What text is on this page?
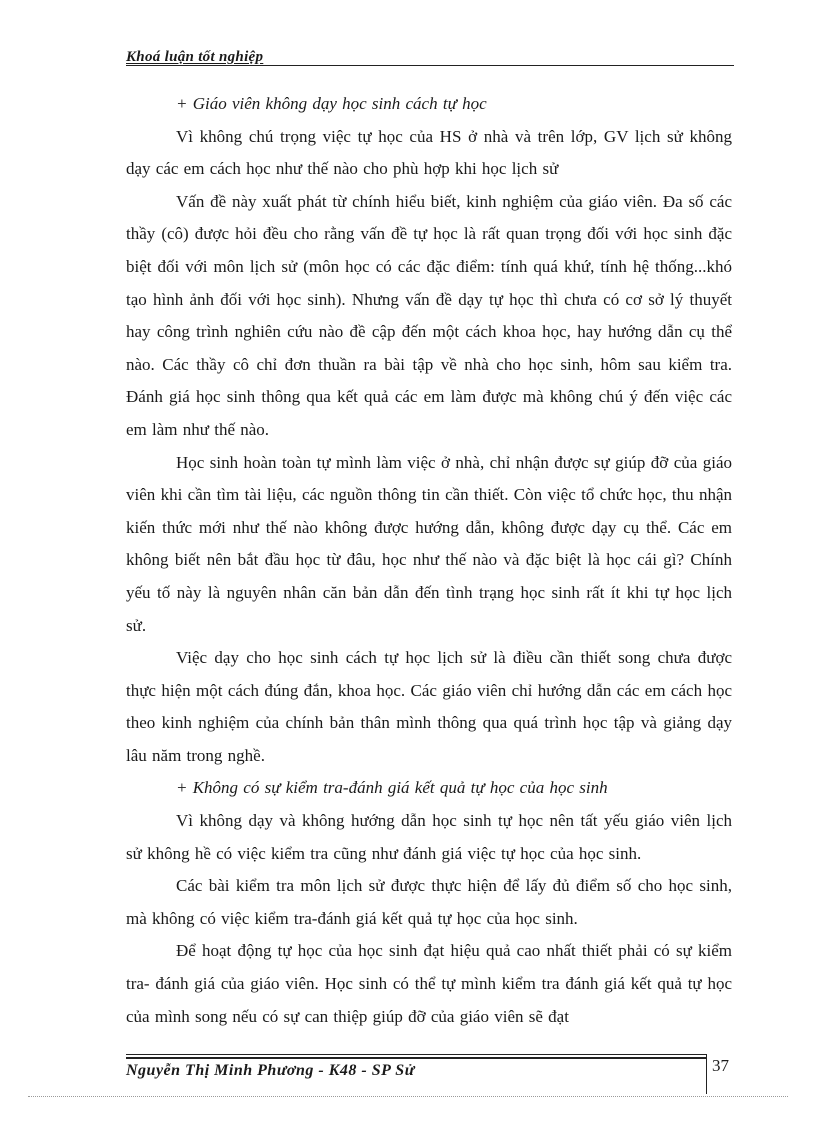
Khoá luận tốt nghiệp

+ Giáo viên không dạy học sinh cách tự học

Vì không chú trọng việc tự học của HS ở nhà và trên lớp, GV lịch sử không dạy các em cách học như thế nào cho phù hợp khi học lịch sử

Vấn đề này xuất phát từ chính hiểu biết, kinh nghiệm của giáo viên. Đa số các thầy (cô) được hỏi đều cho rằng vấn đề tự học là rất quan trọng đối với học sinh đặc biệt đối với môn lịch sử (môn học có các đặc điểm: tính quá khứ, tính hệ thống...khó tạo hình ảnh đối với học sinh). Nhưng vấn đề dạy tự học thì chưa có cơ sở lý thuyết hay công trình nghiên cứu nào đề cập đến một cách khoa học, hay hướng dẫn cụ thể nào. Các thầy cô chỉ đơn thuần ra bài tập về nhà cho học sinh, hôm sau kiểm tra. Đánh giá học sinh thông qua kết quả các em làm được mà không chú ý đến việc các em làm như thế nào.

Học sinh hoàn toàn tự mình làm việc ở nhà, chỉ nhận được sự giúp đỡ của giáo viên khi cần tìm tài liệu, các nguồn thông tin cần thiết. Còn việc tổ chức học, thu nhận kiến thức mới như thế nào không được hướng dẫn, không được dạy cụ thể. Các em không biết nên bắt đầu học từ đâu, học như thế nào và đặc biệt là học cái gì? Chính yếu tố này là nguyên nhân căn bản dẫn đến tình trạng học sinh rất ít khi tự học lịch sử.

Việc dạy cho học sinh cách tự học lịch sử là điều cần thiết song chưa được thực hiện một cách đúng đắn, khoa học. Các giáo viên chỉ hướng dẫn các em cách học theo kinh nghiệm của chính bản thân mình thông qua quá trình học tập và giảng dạy lâu năm trong nghề.

+ Không có sự kiểm tra-đánh giá kết quả tự học của học sinh

Vì không dạy và không hướng dẫn học sinh tự học nên tất yếu giáo viên lịch sử không hề có việc kiểm tra cũng như đánh giá việc tự học của học sinh.

Các bài kiểm tra môn lịch sử được thực hiện để lấy đủ điểm số cho học sinh, mà không có việc kiểm tra-đánh giá kết quả tự học của học sinh.

Để hoạt động tự học của học sinh đạt hiệu quả cao nhất thiết phải có sự kiểm tra- đánh giá của giáo viên. Học sinh có thể tự mình kiểm tra đánh giá kết quả tự học của mình song nếu có sự can thiệp giúp đỡ của giáo viên sẽ đạt

Nguyễn Thị Minh Phương - K48 - SP Sử	37
